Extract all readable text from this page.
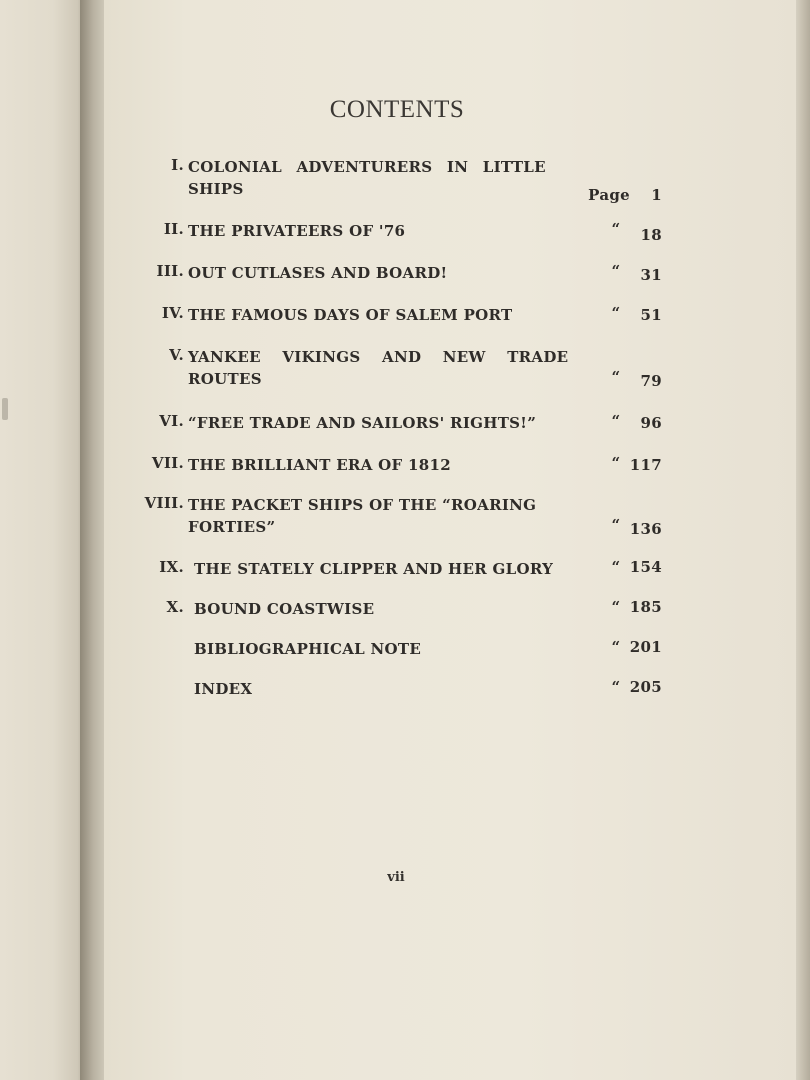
CONTENTS
I. COLONIAL ADVENTURERS IN LITTLE SHIPS	Page	1
II. THE PRIVATEERS OF '76	“	18
III. OUT CUTLASES AND BOARD!	“	31
IV. THE FAMOUS DAYS OF SALEM PORT	“	51
V. YANKEE VIKINGS AND NEW TRADE ROUTES	“	79
VI. “FREE TRADE AND SAILORS' RIGHTS!”	“	96
VII. THE BRILLIANT ERA OF 1812	“ 117
VIII. THE PACKET SHIPS OF THE “ROARING FORTIES”	“ 136
IX. THE STATELY CLIPPER AND HER GLORY	“ 154
X. BOUND COASTWISE	“ 185
BIBLIOGRAPHICAL NOTE	“ 201
INDEX	“ 205
vii
